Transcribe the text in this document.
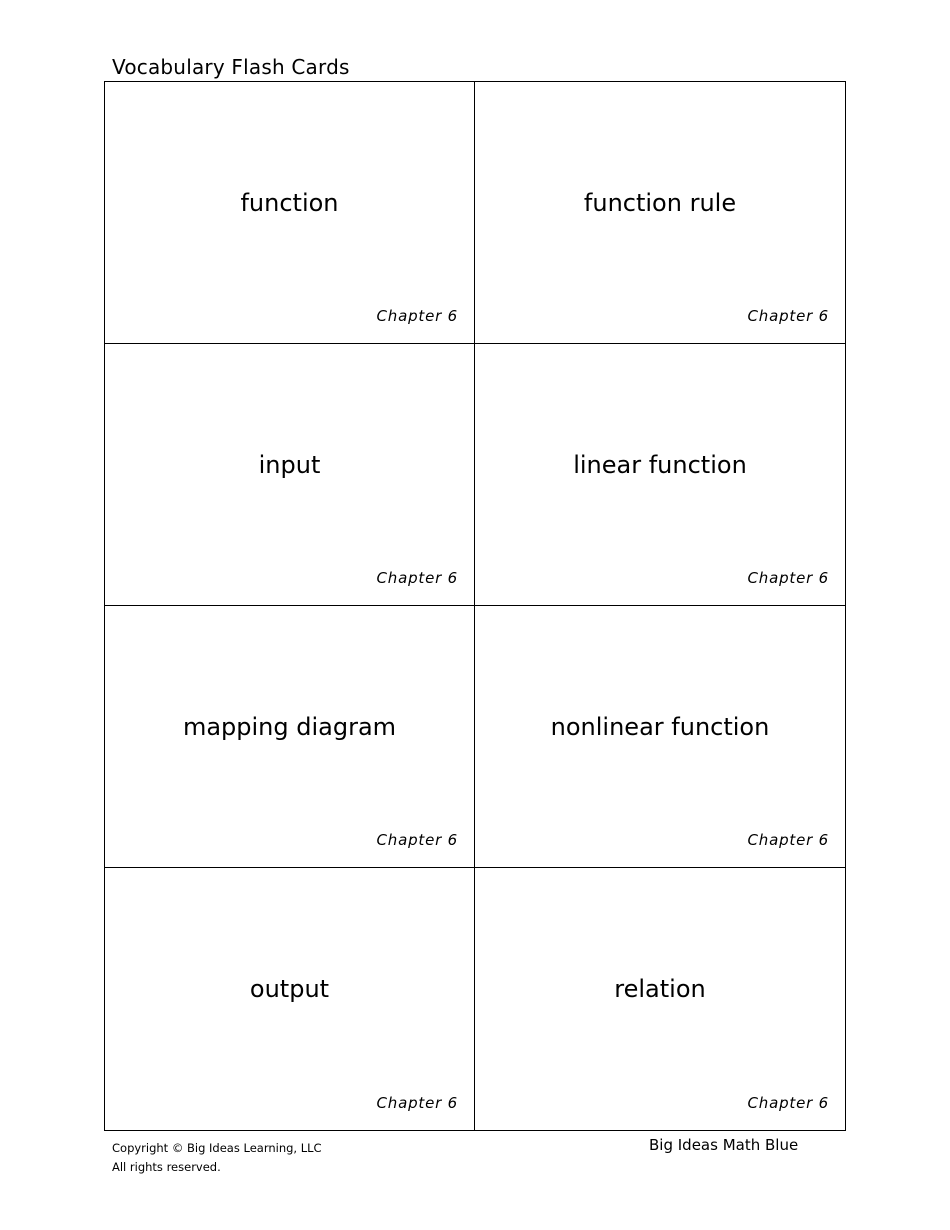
Vocabulary Flash Cards
function
Chapter 6
function rule
Chapter 6
input
Chapter 6
linear function
Chapter 6
mapping diagram
Chapter 6
nonlinear function
Chapter 6
output
Chapter 6
relation
Chapter 6
Copyright © Big Ideas Learning, LLC
All rights reserved.
Big Ideas Math Blue
